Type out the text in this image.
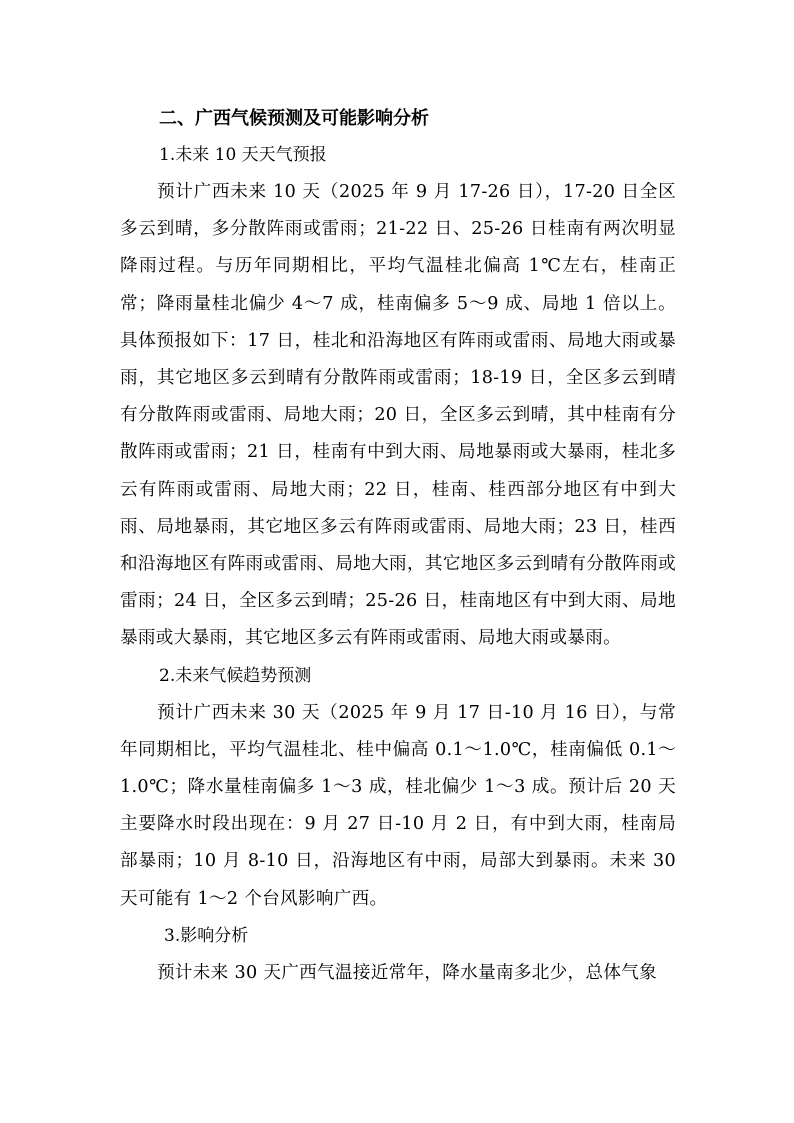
二、广西气候预测及可能影响分析
1.未来 10 天天气预报

预计广西未来 10 天（2025 年 9 月 17-26 日），17-20 日全区多云到晴，多分散阵雨或雷雨；21-22 日、25-26 日桂南有两次明显降雨过程。与历年同期相比，平均气温桂北偏高 1℃左右，桂南正常；降雨量桂北偏少 4～7 成，桂南偏多 5～9 成、局地 1 倍以上。具体预报如下：17 日，桂北和沿海地区有阵雨或雷雨、局地大雨或暴雨，其它地区多云到晴有分散阵雨或雷雨；18-19 日，全区多云到晴有分散阵雨或雷雨、局地大雨；20 日，全区多云到晴，其中桂南有分散阵雨或雷雨；21 日，桂南有中到大雨、局地暴雨或大暴雨，桂北多云有阵雨或雷雨、局地大雨；22 日，桂南、桂西部分地区有中到大雨、局地暴雨，其它地区多云有阵雨或雷雨、局地大雨；23 日，桂西和沿海地区有阵雨或雷雨、局地大雨，其它地区多云到晴有分散阵雨或雷雨；24 日，全区多云到晴；25-26 日，桂南地区有中到大雨、局地暴雨或大暴雨，其它地区多云有阵雨或雷雨、局地大雨或暴雨。

2.未来气候趋势预测

预计广西未来 30 天（2025 年 9 月 17 日-10 月 16 日），与常年同期相比，平均气温桂北、桂中偏高 0.1～1.0℃，桂南偏低 0.1～1.0℃；降水量桂南偏多 1～3 成，桂北偏少 1～3 成。预计后 20 天主要降水时段出现在：9 月 27 日-10 月 2 日，有中到大雨，桂南局部暴雨；10 月 8-10 日，沿海地区有中雨，局部大到暴雨。未来 30 天可能有 1～2 个台风影响广西。

3.影响分析

预计未来 30 天广西气温接近常年，降水量南多北少，总体气象
